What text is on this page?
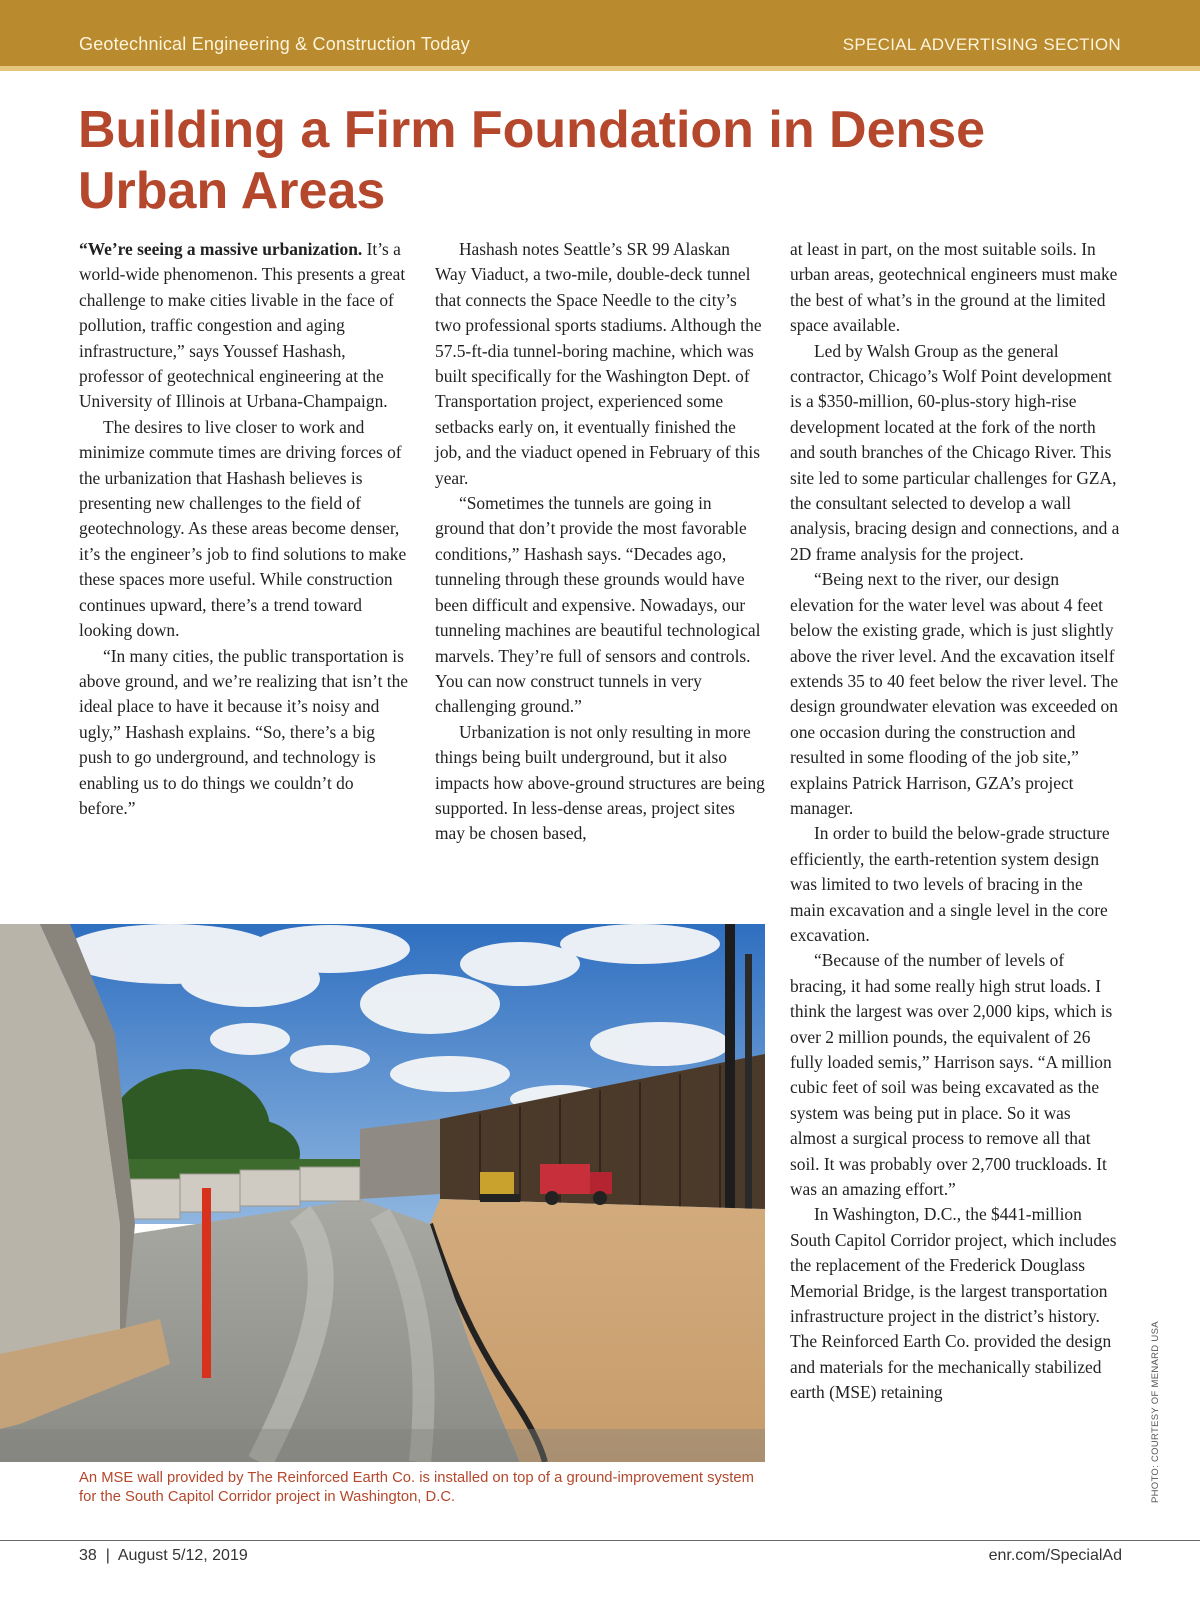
Geotechnical Engineering & Construction Today	SPECIAL ADVERTISING SECTION
Building a Firm Foundation in Dense
Urban Areas

“We’re seeing a massive urbanization. It’s a world-wide phenomenon. This presents a great challenge to make cities livable in the face of pollution, traffic congestion and aging infrastructure,” says Youssef Hashash, professor of geotechnical engineering at the University of Illinois at Urbana-Champaign.

The desires to live closer to work and minimize commute times are driving forces of the urbanization that Hashash believes is presenting new challenges to the field of geotechnology. As these areas become denser, it’s the engineer’s job to find solutions to make these spaces more useful. While construction continues upward, there’s a trend toward looking down.

“In many cities, the public transportation is above ground, and we’re realizing that isn’t the ideal place to have it because it’s noisy and ugly,” Hashash explains. “So, there’s a big push to go underground, and technology is enabling us to do things we couldn’t do before.”

Hashash notes Seattle’s SR 99 Alaskan Way Viaduct, a two-mile, double-deck tunnel that connects the Space Needle to the city’s two professional sports stadiums. Although the 57.5-ft-dia tunnel-boring machine, which was built specifically for the Washington Dept. of Transportation project, experienced some setbacks early on, it eventually finished the job, and the viaduct opened in February of this year.

“Sometimes the tunnels are going in ground that don’t provide the most favorable conditions,” Hashash says. “Decades ago, tunneling through these grounds would have been difficult and expensive. Nowadays, our tunneling machines are beautiful technological marvels. They’re full of sensors and controls. You can now construct tunnels in very challenging ground.”

Urbanization is not only resulting in more things being built underground, but it also impacts how above-ground structures are being supported. In less-dense areas, project sites may be chosen based,

at least in part, on the most suitable soils. In urban areas, geotechnical engineers must make the best of what’s in the ground at the limited space available.

Led by Walsh Group as the general contractor, Chicago’s Wolf Point development is a $350-million, 60-plus-story high-rise development located at the fork of the north and south branches of the Chicago River. This site led to some particular challenges for GZA, the consultant selected to develop a wall analysis, bracing design and connections, and a 2D frame analysis for the project.

“Being next to the river, our design elevation for the water level was about 4 feet below the existing grade, which is just slightly above the river level. And the excavation itself extends 35 to 40 feet below the river level. The design groundwater elevation was exceeded on one occasion during the construction and resulted in some flooding of the job site,” explains Patrick Harrison, GZA’s project manager.

In order to build the below-grade structure efficiently, the earth-retention system design was limited to two levels of bracing in the main excavation and a single level in the core excavation.

“Because of the number of levels of bracing, it had some really high strut loads. I think the largest was over 2,000 kips, which is over 2 million pounds, the equivalent of 26 fully loaded semis,” Harrison says. “A million cubic feet of soil was being excavated as the system was being put in place. So it was almost a surgical process to remove all that soil. It was probably over 2,700 truckloads. It was an amazing effort.”

In Washington, D.C., the $441-million South Capitol Corridor project, which includes the replacement of the Frederick Douglass Memorial Bridge, is the largest transportation infrastructure project in the district’s history. The Reinforced Earth Co. provided the design and materials for the mechanically stabilized earth (MSE) retaining

An MSE wall provided by The Reinforced Earth Co. is installed on top of a ground-improvement system for the South Capitol Corridor project in Washington, D.C.	PHOTO: COURTESY OF MENARD USA
38  |  August 5/12, 2019	enr.com/SpecialAd
